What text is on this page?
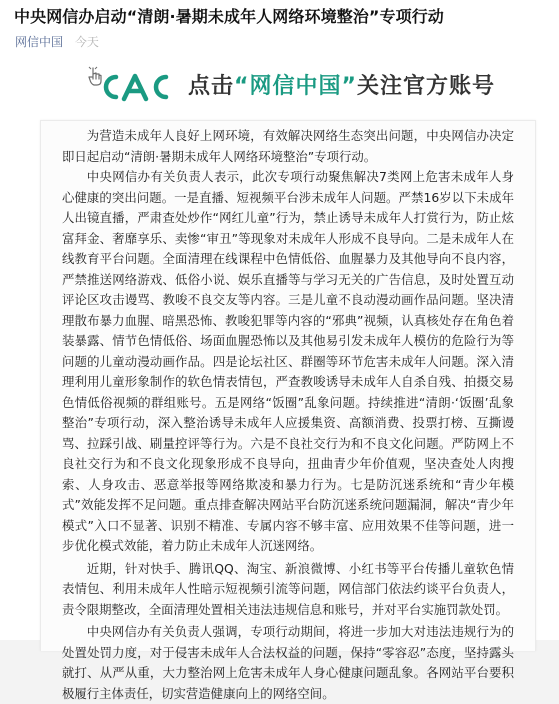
中央网信办启动“清朗·暑期未成年人网络环境整治”专项行动
网信中国 今天
点击“网信中国”关注官方账号

为营造未成年人良好上网环境，有效解决网络生态突出问题，中央网信办决定即日起启动“清朗·暑期未成年人网络环境整治”专项行动。

中央网信办有关负责人表示，此次专项行动聚焦解决7类网上危害未成年人身心健康的突出问题。一是直播、短视频平台涉未成年人问题。严禁16岁以下未成年人出镜直播，严肃查处炒作“网红儿童”行为，禁止诱导未成年人打赏行为，防止炫富拜金、奢靡享乐、卖惨“审丑”等现象对未成年人形成不良导向。二是未成年人在线教育平台问题。全面清理在线课程中色情低俗、血腥暴力及其他导向不良内容，严禁推送网络游戏、低俗小说、娱乐直播等与学习无关的广告信息，及时处置互动评论区攻击谩骂、教唆不良交友等内容。三是儿童不良动漫动画作品问题。坚决清理散布暴力血腥、暗黑恐怖、教唆犯罪等内容的“邪典”视频，认真核处存在角色着装暴露、情节色情低俗、场面血腥恐怖以及其他易引发未成年人模仿的危险行为等问题的儿童动漫动画作品。四是论坛社区、群圈等环节危害未成年人问题。深入清理利用儿童形象制作的软色情表情包，严查教唆诱导未成年人自杀自残、拍摄交易色情低俗视频的群组账号。五是网络“饭圈”乱象问题。持续推进“清朗·‘饭圈’乱象整治”专项行动，深入整治诱导未成年人应援集资、高额消费、投票打榜、互撕谩骂、拉踩引战、刷量控评等行为。六是不良社交行为和不良文化问题。严防网上不良社交行为和不良文化现象形成不良导向，扭曲青少年价值观，坚决查处人肉搜索、人身攻击、恶意举报等网络欺凌和暴力行为。七是防沉迷系统和“青少年模式”效能发挥不足问题。重点排查解决网站平台防沉迷系统问题漏洞，解决“青少年模式”入口不显著、识别不精准、专属内容不够丰富、应用效果不佳等问题，进一步优化模式效能，着力防止未成年人沉迷网络。

近期，针对快手、腾讯QQ、淘宝、新浪微博、小红书等平台传播儿童软色情表情包、利用未成年人性暗示短视频引流等问题，网信部门依法约谈平台负责人，责令限期整改，全面清理处置相关违法违规信息和账号，并对平台实施罚款处罚。

中央网信办有关负责人强调，专项行动期间，将进一步加大对违法违规行为的处置处罚力度，对于侵害未成年人合法权益的问题，保持“零容忍”态度，坚持露头就打、从严从重，大力整治网上危害未成年人身心健康问题乱象。各网站平台要积极履行主体责任，切实营造健康向上的网络空间。
